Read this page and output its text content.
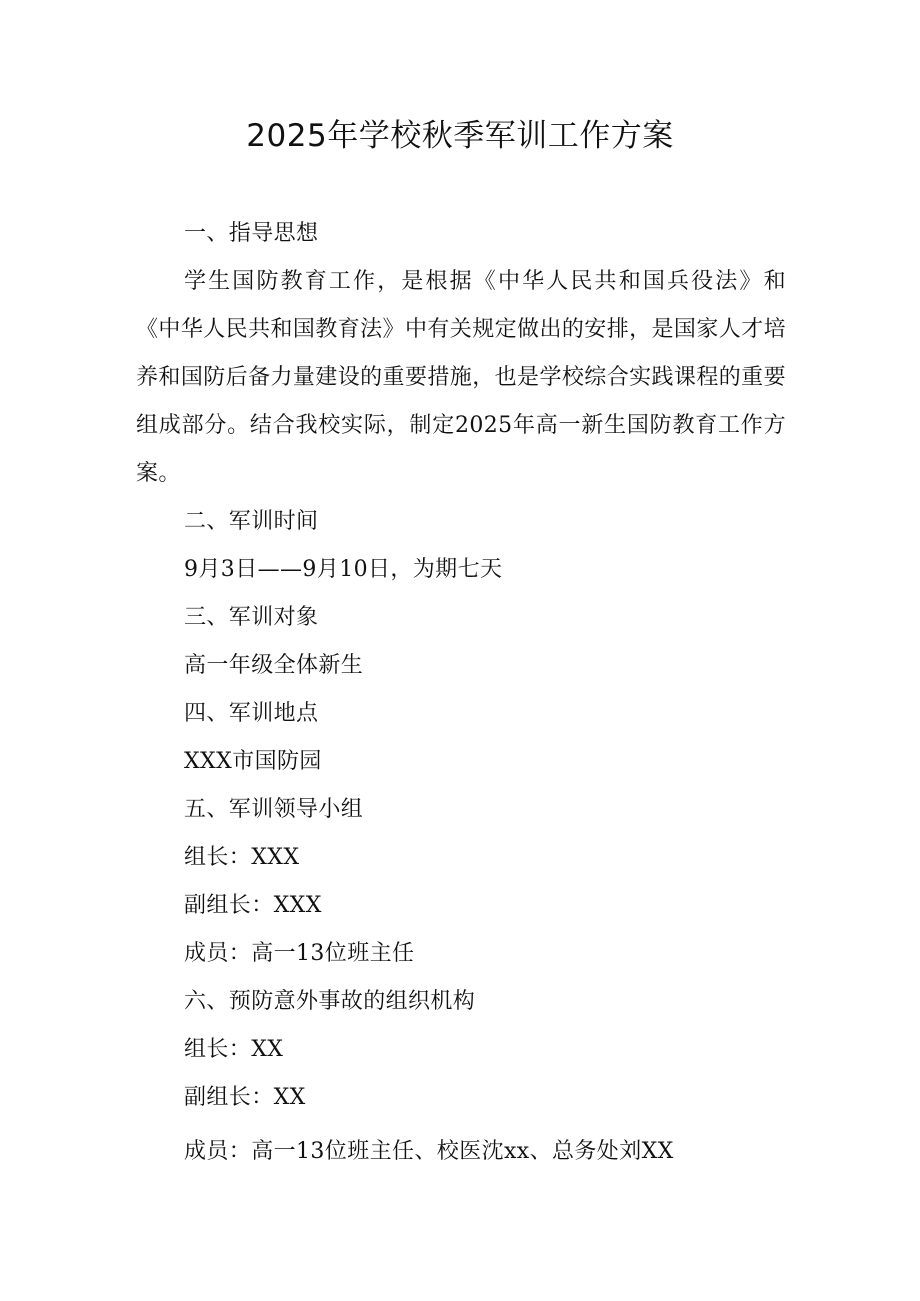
2025年学校秋季军训工作方案

一、指导思想

学生国防教育工作，是根据《中华人民共和国兵役法》和《中华人民共和国教育法》中有关规定做出的安排，是国家人才培养和国防后备力量建设的重要措施，也是学校综合实践课程的重要组成部分。结合我校实际，制定2025年高一新生国防教育工作方案。

二、军训时间

9月3日——9月10日，为期七天

三、军训对象

高一年级全体新生

四、军训地点

XXX市国防园

五、军训领导小组

组长：XXX

副组长：XXX

成员：高一13位班主任

六、预防意外事故的组织机构

组长：XX

副组长：XX

成员：高一13位班主任、校医沈xx、总务处刘XX
